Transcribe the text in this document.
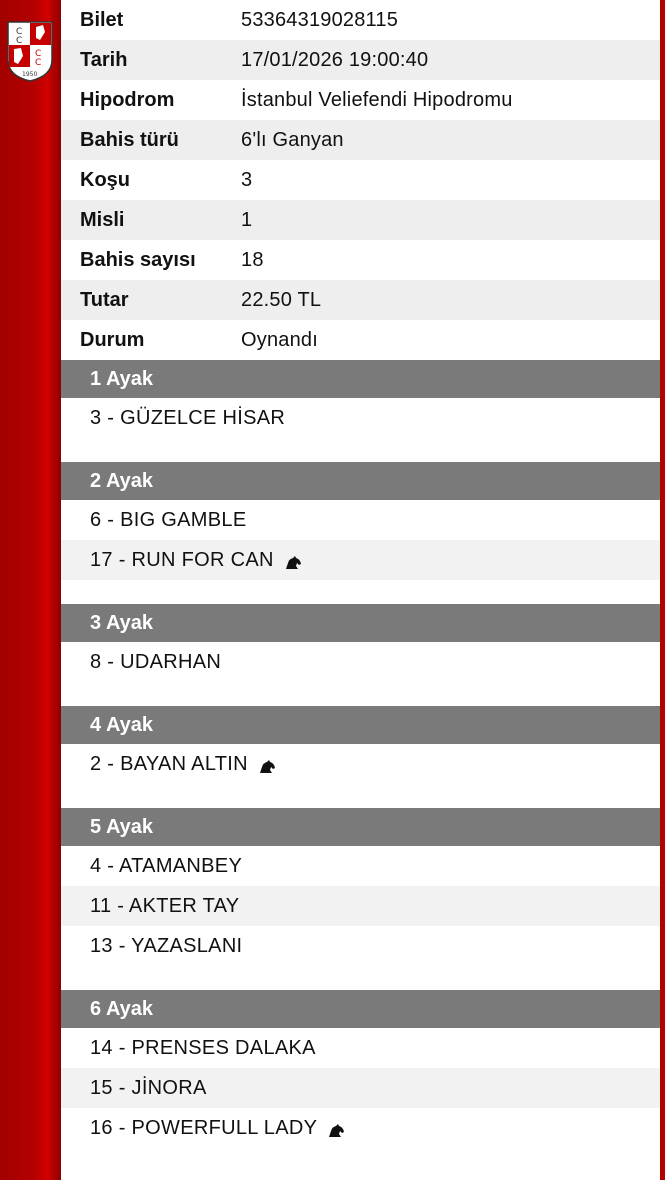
C
C
C
C
1950
Bilet	53364319028115
Tarih	17/01/2026 19:00:40
Hipodrom	İstanbul Veliefendi Hipodromu
Bahis türü	6'lı Ganyan
Koşu	3
Misli	1
Bahis sayısı	18
Tutar	22.50 TL
Durum	Oynandı
1 Ayak
3 - GÜZELCE HİSAR
2 Ayak
6 - BIG GAMBLE
17 - RUN FOR CAN
3 Ayak
8 - UDARHAN
4 Ayak
2 - BAYAN ALTIN
5 Ayak
4 - ATAMANBEY
11 - AKTER TAY
13 - YAZASLANI
6 Ayak
14 - PRENSES DALAKA
15 - JİNORA
16 - POWERFULL LADY
